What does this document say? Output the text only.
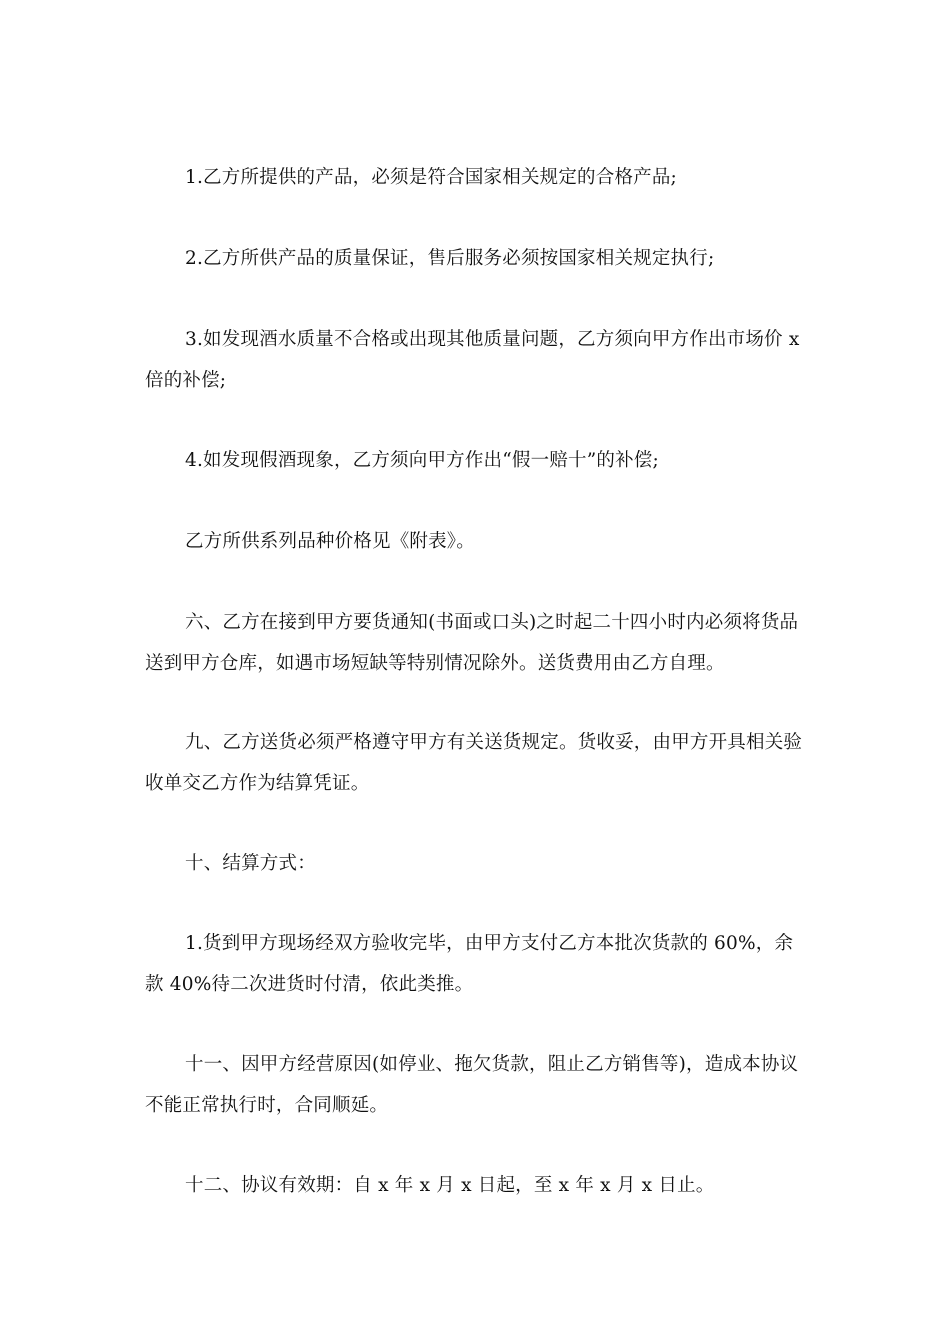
1.乙方所提供的产品，必须是符合国家相关规定的合格产品;

2.乙方所供产品的质量保证，售后服务必须按国家相关规定执行;

3.如发现酒水质量不合格或出现其他质量问题，乙方须向甲方作出市场价 x 倍的补偿;

4.如发现假酒现象，乙方须向甲方作出“假一赔十”的补偿;

乙方所供系列品种价格见《附表》。

六、乙方在接到甲方要货通知(书面或口头)之时起二十四小时内必须将货品送到甲方仓库，如遇市场短缺等特别情况除外。送货费用由乙方自理。

九、乙方送货必须严格遵守甲方有关送货规定。货收妥，由甲方开具相关验收单交乙方作为结算凭证。

十、结算方式：

1.货到甲方现场经双方验收完毕，由甲方支付乙方本批次货款的 60%，余款 40%待二次进货时付清，依此类推。

十一、因甲方经营原因(如停业、拖欠货款，阻止乙方销售等)，造成本协议不能正常执行时，合同顺延。

十二、协议有效期：自 x 年 x 月 x 日起，至 x 年 x 月 x 日止。
